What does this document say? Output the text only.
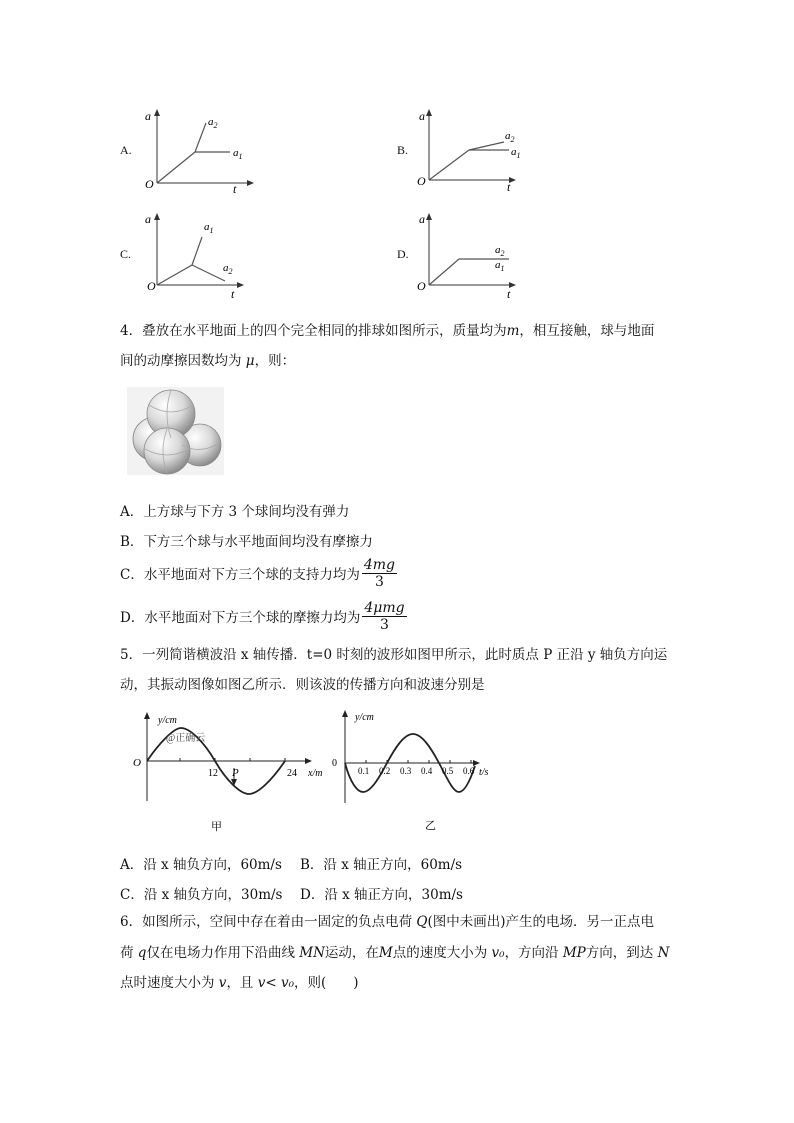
A.
a
O	t
$a_2$
$a_1$	B.
a
O	t
$a_2$
$a_1$
C.
a
O
t
$a_1$
$a_2$
D.
a
O
t
$a_2$
$a_1$
4．叠放在水平地面上的四个完全相同的排球如图所示，质量均为m，相互接触，球与地面
间的动摩擦因数均为 μ，则：
A．上方球与下方 3 个球间均没有弹力
B．下方三个球与水平地面间均没有摩擦力
C．水平地面对下方三个球的支持力均为 $\frac{4mg}{3}$
D．水平地面对下方三个球的摩擦力均为 $\frac{\text{4μmg}}{3}$
5．一列简谐横波沿 x 轴传播．t=0 时刻的波形如图甲所示，此时质点 P 正沿 y 轴负方向运
动，其振动图像如图乙所示．则该波的传播方向和波速分别是
y/cm
@正确云
O
12 P	24 x/m
甲
y/cm
0
0.1 0.2 0.3 0.4 0.5 0.6 t/s
乙
A．沿 x 轴负方向，60m/s B．沿 x 轴正方向，60m/s
C．沿 x 轴负方向，30m/s D．沿 x 轴正方向，30m/s
6．如图所示，空间中存在着由一固定的负点电荷 Q(图中未画出)产生的电场．另一正点电
荷 q仅在电场力作用下沿曲线 MN运动，在M点的速度大小为 v₀，方向沿 MP方向，到达 N
点时速度大小为 v，且 v< v₀，则(　　)
